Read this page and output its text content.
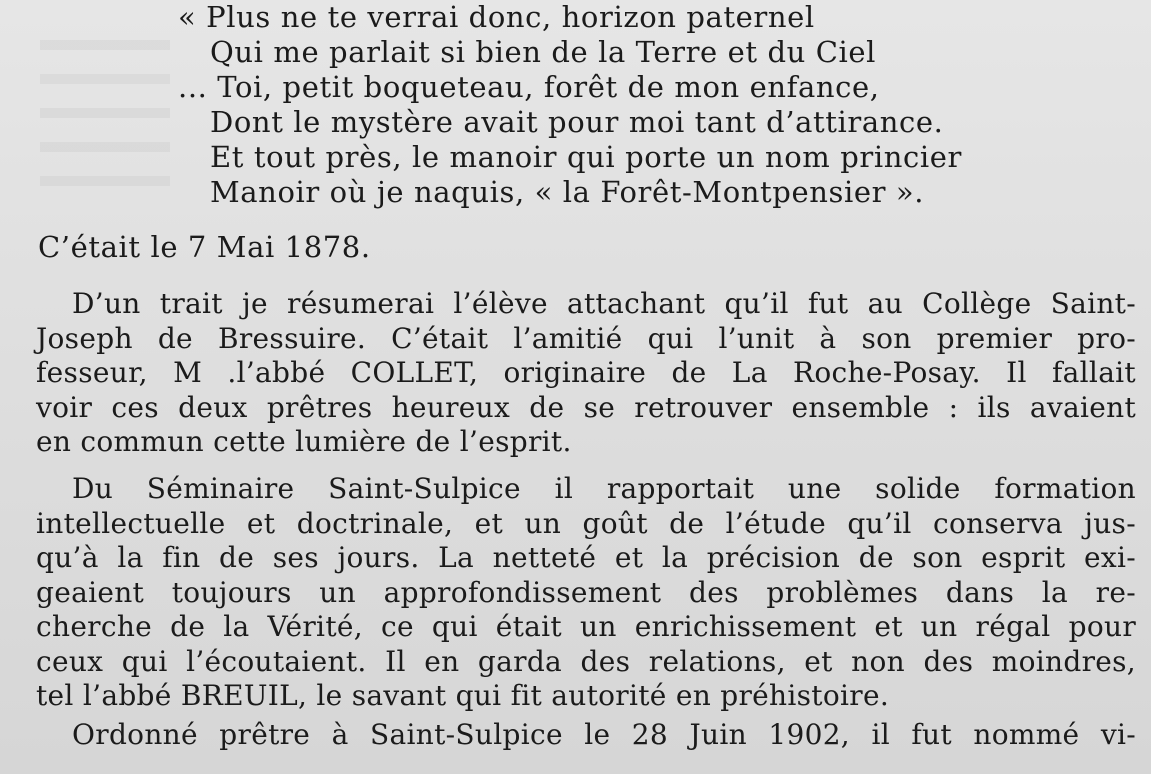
« Plus ne te verrai donc, horizon paternel
Qui me parlait si bien de la Terre et du Ciel
... Toi, petit boqueteau, forêt de mon enfance,
Dont le mystère avait pour moi tant d’attirance.
Et tout près, le manoir qui porte un nom princier
Manoir où je naquis, « la Forêt-Montpensier ».
C’était le 7 Mai 1878.
D’un trait je résumerai l’élève attachant qu’il fut au Collège Saint-
Joseph de Bressuire. C’était l’amitié qui l’unit à son premier pro-
fesseur, M .l’abbé COLLET, originaire de La Roche-Posay. Il fallait
voir ces deux prêtres heureux de se retrouver ensemble : ils avaient
en commun cette lumière de l’esprit.
Du Séminaire Saint-Sulpice il rapportait une solide formation
intellectuelle et doctrinale, et un goût de l’étude qu’il conserva jus-
qu’à la fin de ses jours. La netteté et la précision de son esprit exi-
geaient toujours un approfondissement des problèmes dans la re-
cherche de la Vérité, ce qui était un enrichissement et un régal pour
ceux qui l’écoutaient. Il en garda des relations, et non des moindres,
tel l’abbé BREUIL, le savant qui fit autorité en préhistoire.
Ordonné prêtre à Saint-Sulpice le 28 Juin 1902, il fut nommé vi-
